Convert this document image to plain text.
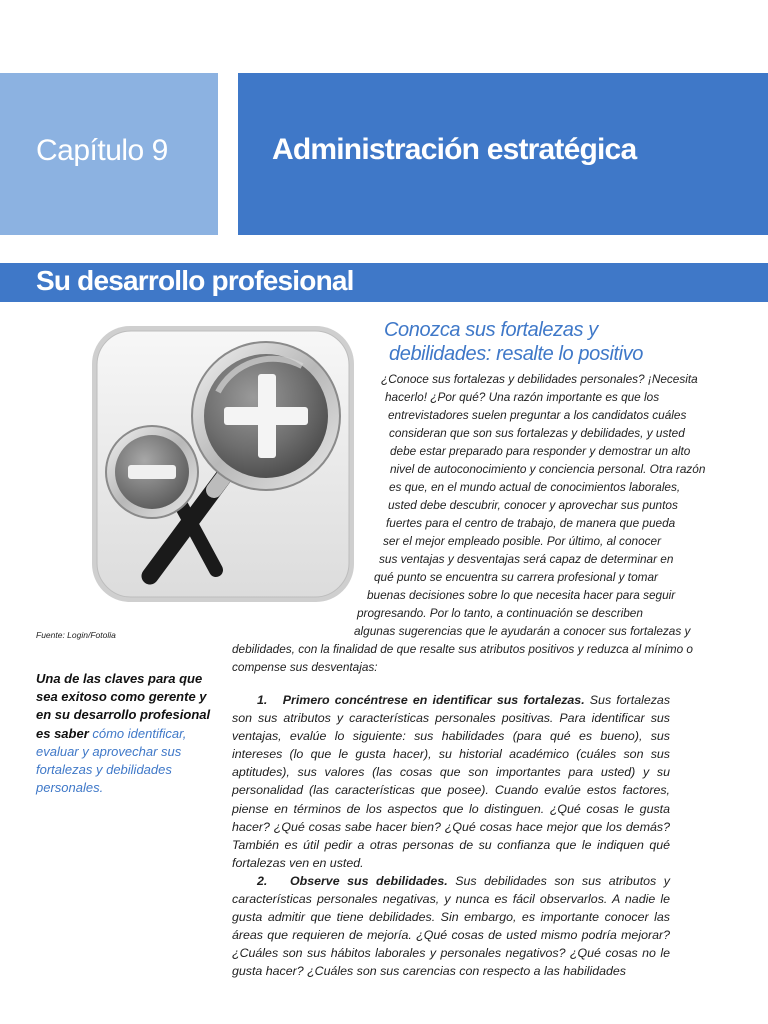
Capítulo 9	Administración estratégica
Su desarrollo profesional
Fuente: Login/Fotolia
Una de las claves para que sea exitoso como gerente y en su desarrollo profesional es saber cómo identificar, evaluar y aprovechar sus fortalezas y debilidades personales.
Conozca sus fortalezas y
debilidades: resalte lo positivo
¿Conoce sus fortalezas y debilidades personales? ¡Necesita
hacerlo! ¿Por qué? Una razón importante es que los
entrevistadores suelen preguntar a los candidatos cuáles
consideran que son sus fortalezas y debilidades, y usted
debe estar preparado para responder y demostrar un alto
nivel de autoconocimiento y conciencia personal. Otra razón
es que, en el mundo actual de conocimientos laborales,
usted debe descubrir, conocer y aprovechar sus puntos
fuertes para el centro de trabajo, de manera que pueda
ser el mejor empleado posible. Por último, al conocer
sus ventajas y desventajas será capaz de determinar en
qué punto se encuentra su carrera profesional y tomar
buenas decisiones sobre lo que necesita hacer para seguir
progresando. Por lo tanto, a continuación se describen
algunas sugerencias que le ayudarán a conocer sus fortalezas y
debilidades, con la finalidad de que resalte sus atributos positivos y reduzca al mínimo o
compense sus desventajas:

1. Primero concéntrese en identificar sus fortalezas. Sus fortalezas son sus atributos y características personales positivas. Para identificar sus ventajas, evalúe lo siguiente: sus habilidades (para qué es bueno), sus intereses (lo que le gusta hacer), su historial académico (cuáles son sus aptitudes), sus valores (las cosas que son importantes para usted) y su personalidad (las características que posee). Cuando evalúe estos factores, piense en términos de los aspectos que lo distinguen. ¿Qué cosas le gusta hacer? ¿Qué cosas sabe hacer bien? ¿Qué cosas hace mejor que los demás? También es útil pedir a otras personas de su confianza que le indiquen qué fortalezas ven en usted.

2. Observe sus debilidades. Sus debilidades son sus atributos y características personales negativas, y nunca es fácil observarlos. A nadie le gusta admitir que tiene debilidades. Sin embargo, es importante conocer las áreas que requieren de mejoría. ¿Qué cosas de usted mismo podría mejorar? ¿Cuáles son sus hábitos laborales y personales negativos? ¿Qué cosas no le gusta hacer? ¿Cuáles son sus carencias con respecto a las habilidades
